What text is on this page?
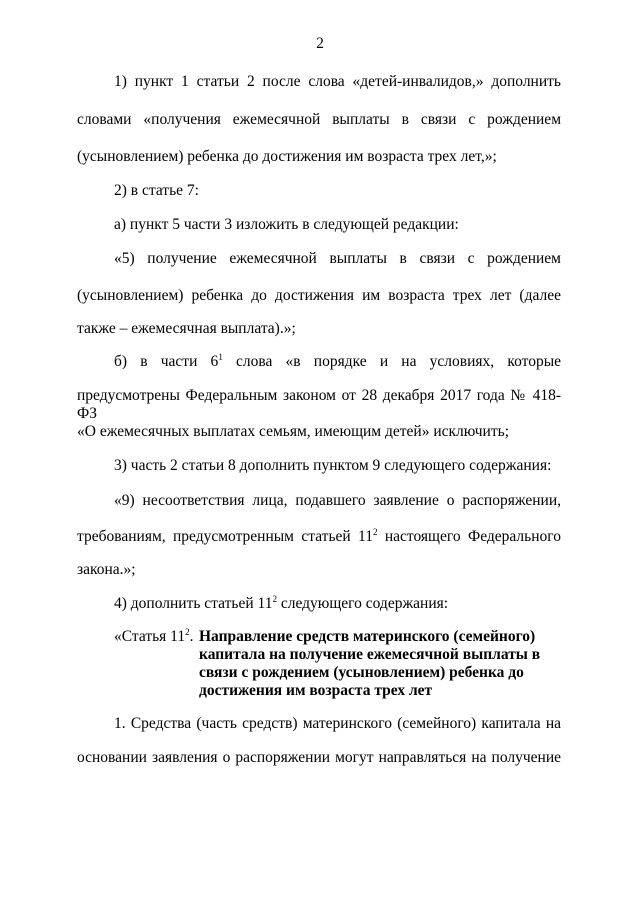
2
1) пункт 1 статьи 2 после слова «детей-инвалидов,» дополнить
словами «получения ежемесячной выплаты в связи с рождением
(усыновлением) ребенка до достижения им возраста трех лет,»;
2) в статье 7:
а) пункт 5 части 3 изложить в следующей редакции:
«5) получение ежемесячной выплаты в связи с рождением
(усыновлением) ребенка до достижения им возраста трех лет (далее
также – ежемесячная выплата).»;
б) в части $6^1$ слова «в порядке и на условиях, которые
предусмотрены Федеральным законом от 28 декабря 2017 года № 418-ФЗ
«О ежемесячных выплатах семьям, имеющим детей» исключить;
3) часть 2 статьи 8 дополнить пунктом 9 следующего содержания:
«9) несоответствия лица, подавшего заявление о распоряжении,
требованиям, предусмотренным статьей $11^2$ настоящего Федерального
закона.»;
4) дополнить статьей $11^2$ следующего содержания:
«Статья $11^2$. Направление средств материнского (семейного)
капитала на получение ежемесячной выплаты в
связи с рождением (усыновлением) ребенка до
достижения им возраста трех лет
1. Средства (часть средств) материнского (семейного) капитала на
основании заявления о распоряжении могут направляться на получение
